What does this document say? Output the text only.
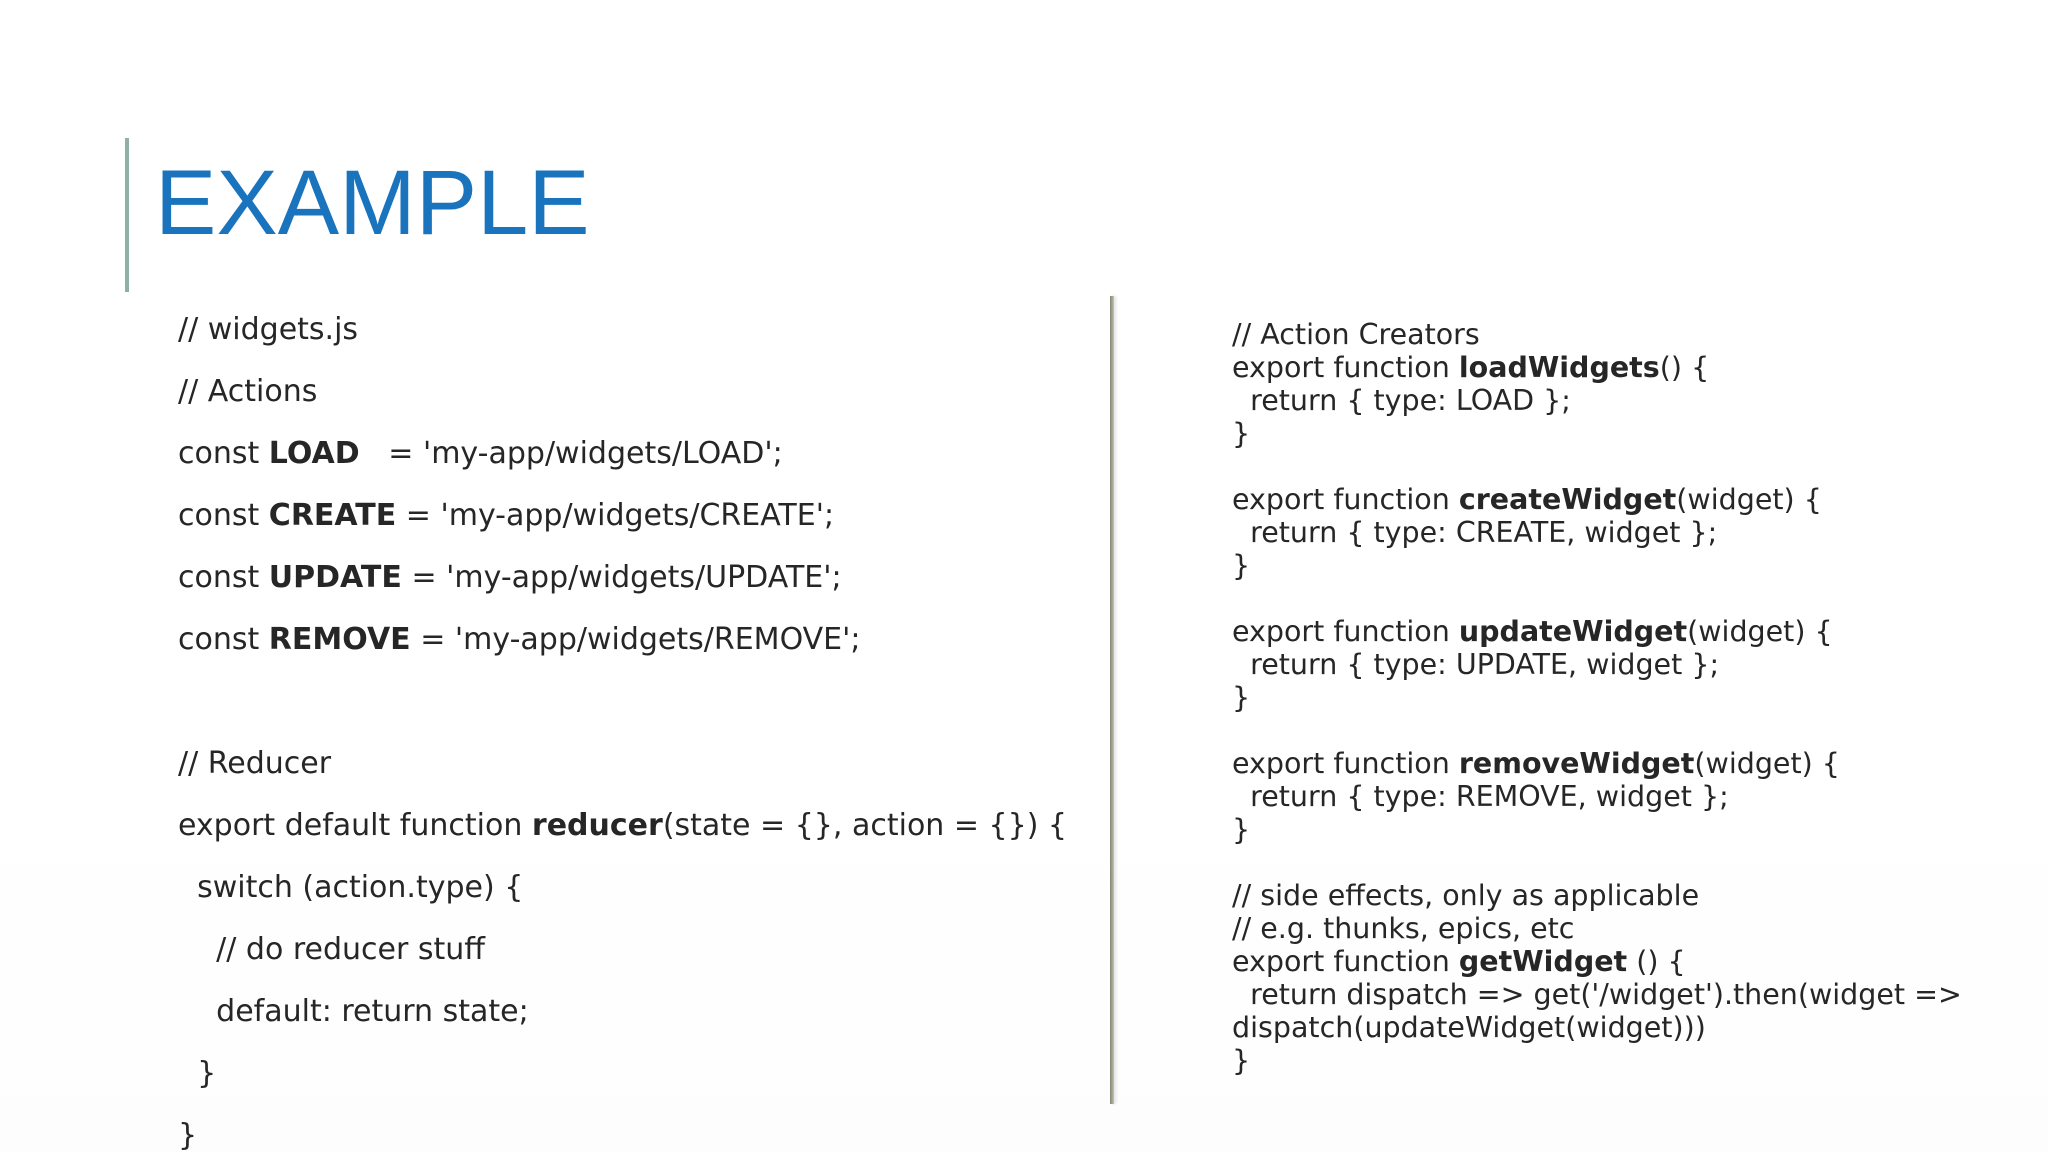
EXAMPLE
// widgets.js
// Actions
const LOAD   = 'my-app/widgets/LOAD';
const CREATE = 'my-app/widgets/CREATE';
const UPDATE = 'my-app/widgets/UPDATE';
const REMOVE = 'my-app/widgets/REMOVE';
// Reducer
export default function reducer(state = {}, action = {}) {
switch (action.type) {
// do reducer stuff
default: return state;
}
}
// Action Creators
export function loadWidgets() {
return { type: LOAD };
}
export function createWidget(widget) {
return { type: CREATE, widget };
}
export function updateWidget(widget) {
return { type: UPDATE, widget };
}
export function removeWidget(widget) {
return { type: REMOVE, widget };
}
// side effects, only as applicable
// e.g. thunks, epics, etc
export function getWidget () {
return dispatch => get('/widget').then(widget =>
dispatch(updateWidget(widget)))
}
